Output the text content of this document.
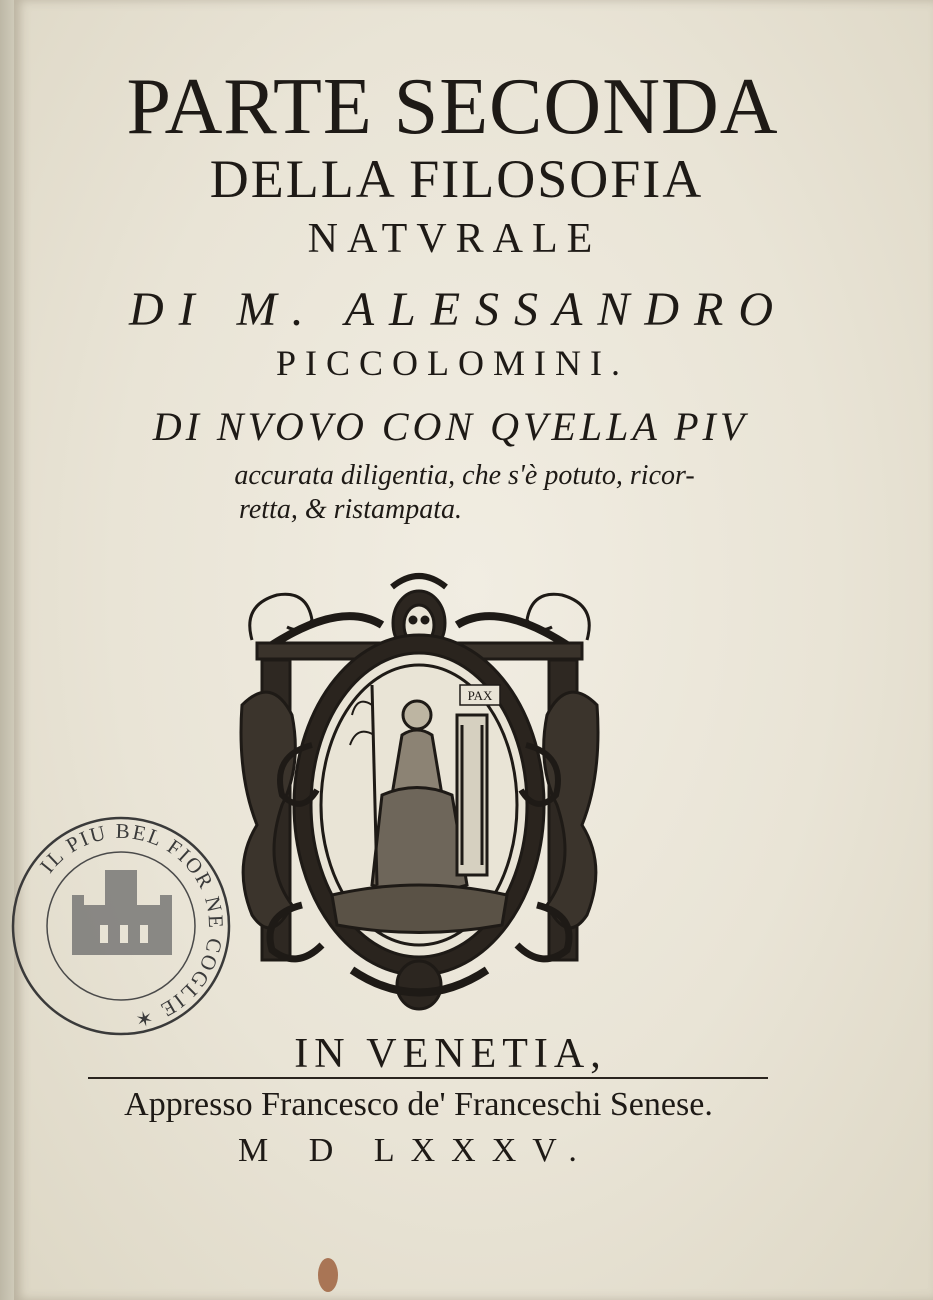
PARTE SECONDA
DELLA FILOSOFIA
NATVRALE
DI M. ALESSANDRO
PICCOLOMINI.
DI NVOVO CON QVELLA PIV
accurata diligentia, che s'è potuto, ricor-
retta, & ristampata.
PAX
IL PIU BEL FIOR NE COGLIE ✶
IN VENETIA,
Appresso Francesco de' Franceschi Senese.
M D LXXXV.
